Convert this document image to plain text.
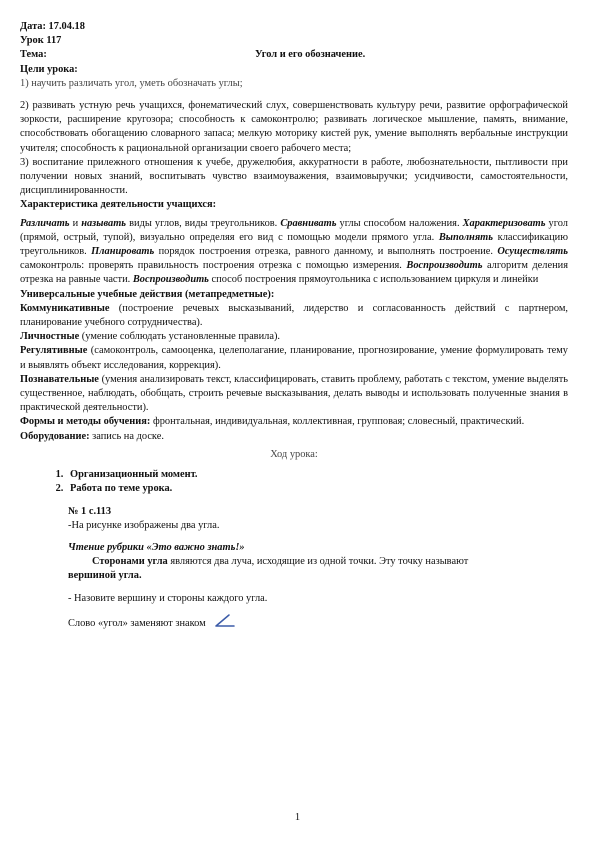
Дата: 17.04.18

Урок 117

Тема:	Угол и его обозначение.

Цели урока:

1) научить различать угол, уметь обозначать углы;

2) развивать устную речь учащихся, фонематический слух, совершенствовать культуру речи, развитие орфографической зоркости, расширение кругозора; способность к самоконтролю; развивать логическое мышление, память, внимание, способствовать обогащению словарного запаса; мелкую моторику кистей рук, умение выполнять вербальные инструкции учителя; способность к рациональной организации своего рабочего места;

3) воспитание прилежного отношения к учебе, дружелюбия, аккуратности в работе, любознательности, пытливости при получении новых знаний, воспитывать чувство взаимоуважения, взаимовыручки; усидчивости, самостоятельности, дисциплинированности.

Характеристика деятельности учащихся:

Различать и называть виды углов, виды треугольников. Сравнивать углы способом наложения. Характеризовать угол (прямой, острый, тупой), визуально определяя его вид с помощью модели прямого угла. Выполнять классификацию треугольников. Планировать порядок построения отрезка, равного данному, и выполнять построение. Осуществлять самоконтроль: проверять правильность построения отрезка с помощью измерения. Воспроизводить алгоритм деления отрезка на равные части. Воспроизводить способ построения прямоугольника с использованием циркуля и линейки

Универсальные учебные действия (метапредметные):

Коммуникативные (построение речевых высказываний, лидерство и согласованность действий с партнером, планирование учебного сотрудничества).

Личностные (умение соблюдать установленные правила).

Регулятивные (самоконтроль, самооценка, целеполагание, планирование, прогнозирование, умение формулировать тему и выявлять объект исследования, коррекция).

Познавательные (умения анализировать текст, классифицировать, ставить проблему, работать с текстом, умение выделять существенное, наблюдать, обобщать, строить речевые высказывания, делать выводы и использовать полученные знания в практической деятельности).

Формы и методы обучения: фронтальная, индивидуальная, коллективная, групповая; словесный, практический.

Оборудование: запись на доске.

Ход урока:

1. Организационный момент.
2. Работа по теме урока.

№ 1 с.113

-На рисунке изображены два угла.

Чтение рубрики «Это важно знать!»

Сторонами угла являются два луча, исходящие из одной точки. Эту точку называют

вершиной угла.

- Назовите вершину и стороны каждого угла.

Слово «угол» заменяют знаком

1
